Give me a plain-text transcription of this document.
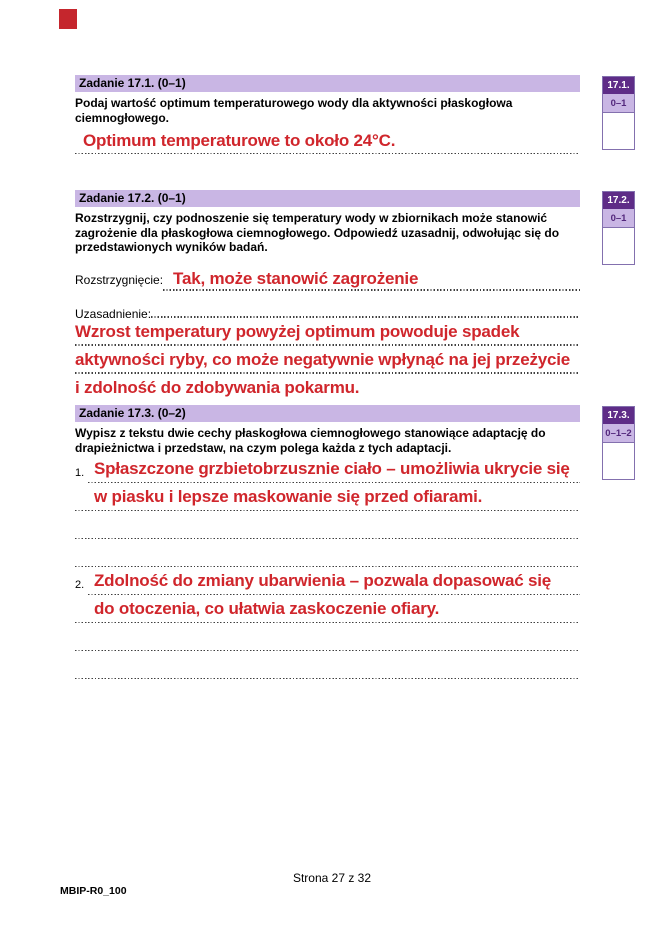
Zadanie 17.1. (0–1)
Podaj wartość optimum temperaturowego wody dla aktywności płaskogłowa
ciemnogłowego.
Optimum temperaturowe to około 24°C.
Zadanie 17.2. (0–1)
Rozstrzygnij, czy podnoszenie się temperatury wody w zbiornikach może stanowić
zagrożenie dla płaskogłowa ciemnogłowego. Odpowiedź uzasadnij, odwołując się do
przedstawionych wyników badań.
Rozstrzygnięcie: Tak, może stanowić zagrożenie
Uzasadnienie:
Wzrost temperatury powyżej optimum powoduje spadek
aktywności ryby, co może negatywnie wpłynąć na jej przeżycie
i zdolność do zdobywania pokarmu.
Zadanie 17.3. (0–2)
Wypisz z tekstu dwie cechy płaskogłowa ciemnogłowego stanowiące adaptację do
drapieżnictwa i przedstaw, na czym polega każda z tych adaptacji.
1. Spłaszczone grzbietobrzusznie ciało – umożliwia ukrycie się
w piasku i lepsze maskowanie się przed ofiarami.
2. Zdolność do zmiany ubarwienia – pozwala dopasować się
do otoczenia, co ułatwia zaskoczenie ofiary.
17.1.
0–1
17.2.
0–1
17.3.
0–1–2
Strona 27 z 32
MBIP-R0_100
